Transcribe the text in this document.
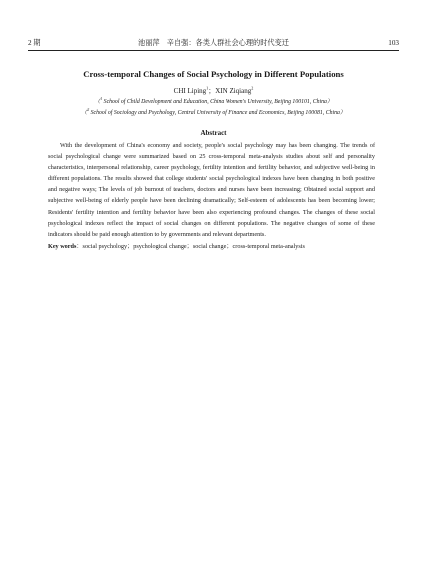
2 期	池丽萍　辛自强：各类人群社会心理的时代变迁	103
Cross-temporal Changes of Social Psychology in Different Populations
CHI Liping$^1$；XIN Ziqiang$^2$
（$^1$ School of Child Development and Education, China Women's University, Beijing 100101, China）
（$^2$ School of Sociology and Psychology, Central University of Finance and Economics, Beijing 100081, China）
Abstract
With the development of China's economy and society, people's social psychology may has been changing. The trends of social psychological change were summarized based on 25 cross-temporal meta-analysis studies about self and personality characteristics, interpersonal relationship, career psychology, fertility intention and fertility behavior, and subjective well-being in different populations. The results showed that college students' social psychological indexes have been changing in both positive and negative ways; The levels of job burnout of teachers, doctors and nurses have been increasing; Obtained social support and subjective well-being of elderly people have been declining dramatically; Self-esteem of adolescents has been becoming lower; Residents' fertility intention and fertility behavior have been also experiencing profound changes. The changes of these social psychological indexes reflect the impact of social changes on different populations. The negative changes of some of these indicators should be paid enough attention to by governments and relevant departments.
Key words：social psychology；psychological change；social change；cross-temporal meta-analysis
